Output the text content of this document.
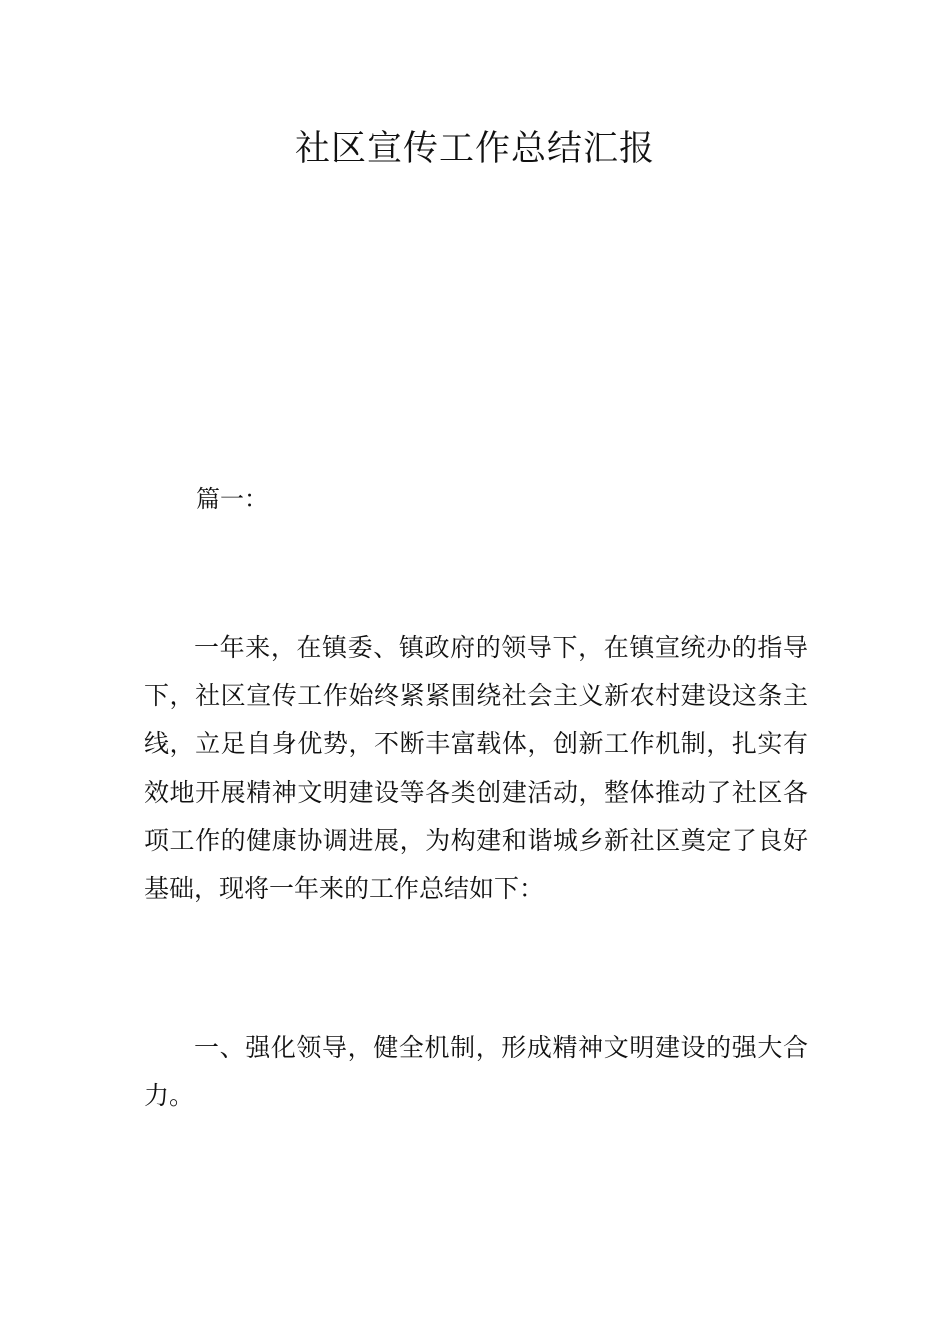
社区宣传工作总结汇报
篇一：

一年来，在镇委、镇政府的领导下，在镇宣统办的指导下，社区宣传工作始终紧紧围绕社会主义新农村建设这条主线，立足自身优势，不断丰富载体，创新工作机制，扎实有效地开展精神文明建设等各类创建活动，整体推动了社区各项工作的健康协调进展，为构建和谐城乡新社区奠定了良好基础，现将一年来的工作总结如下：

一、强化领导，健全机制，形成精神文明建设的强大合力。
